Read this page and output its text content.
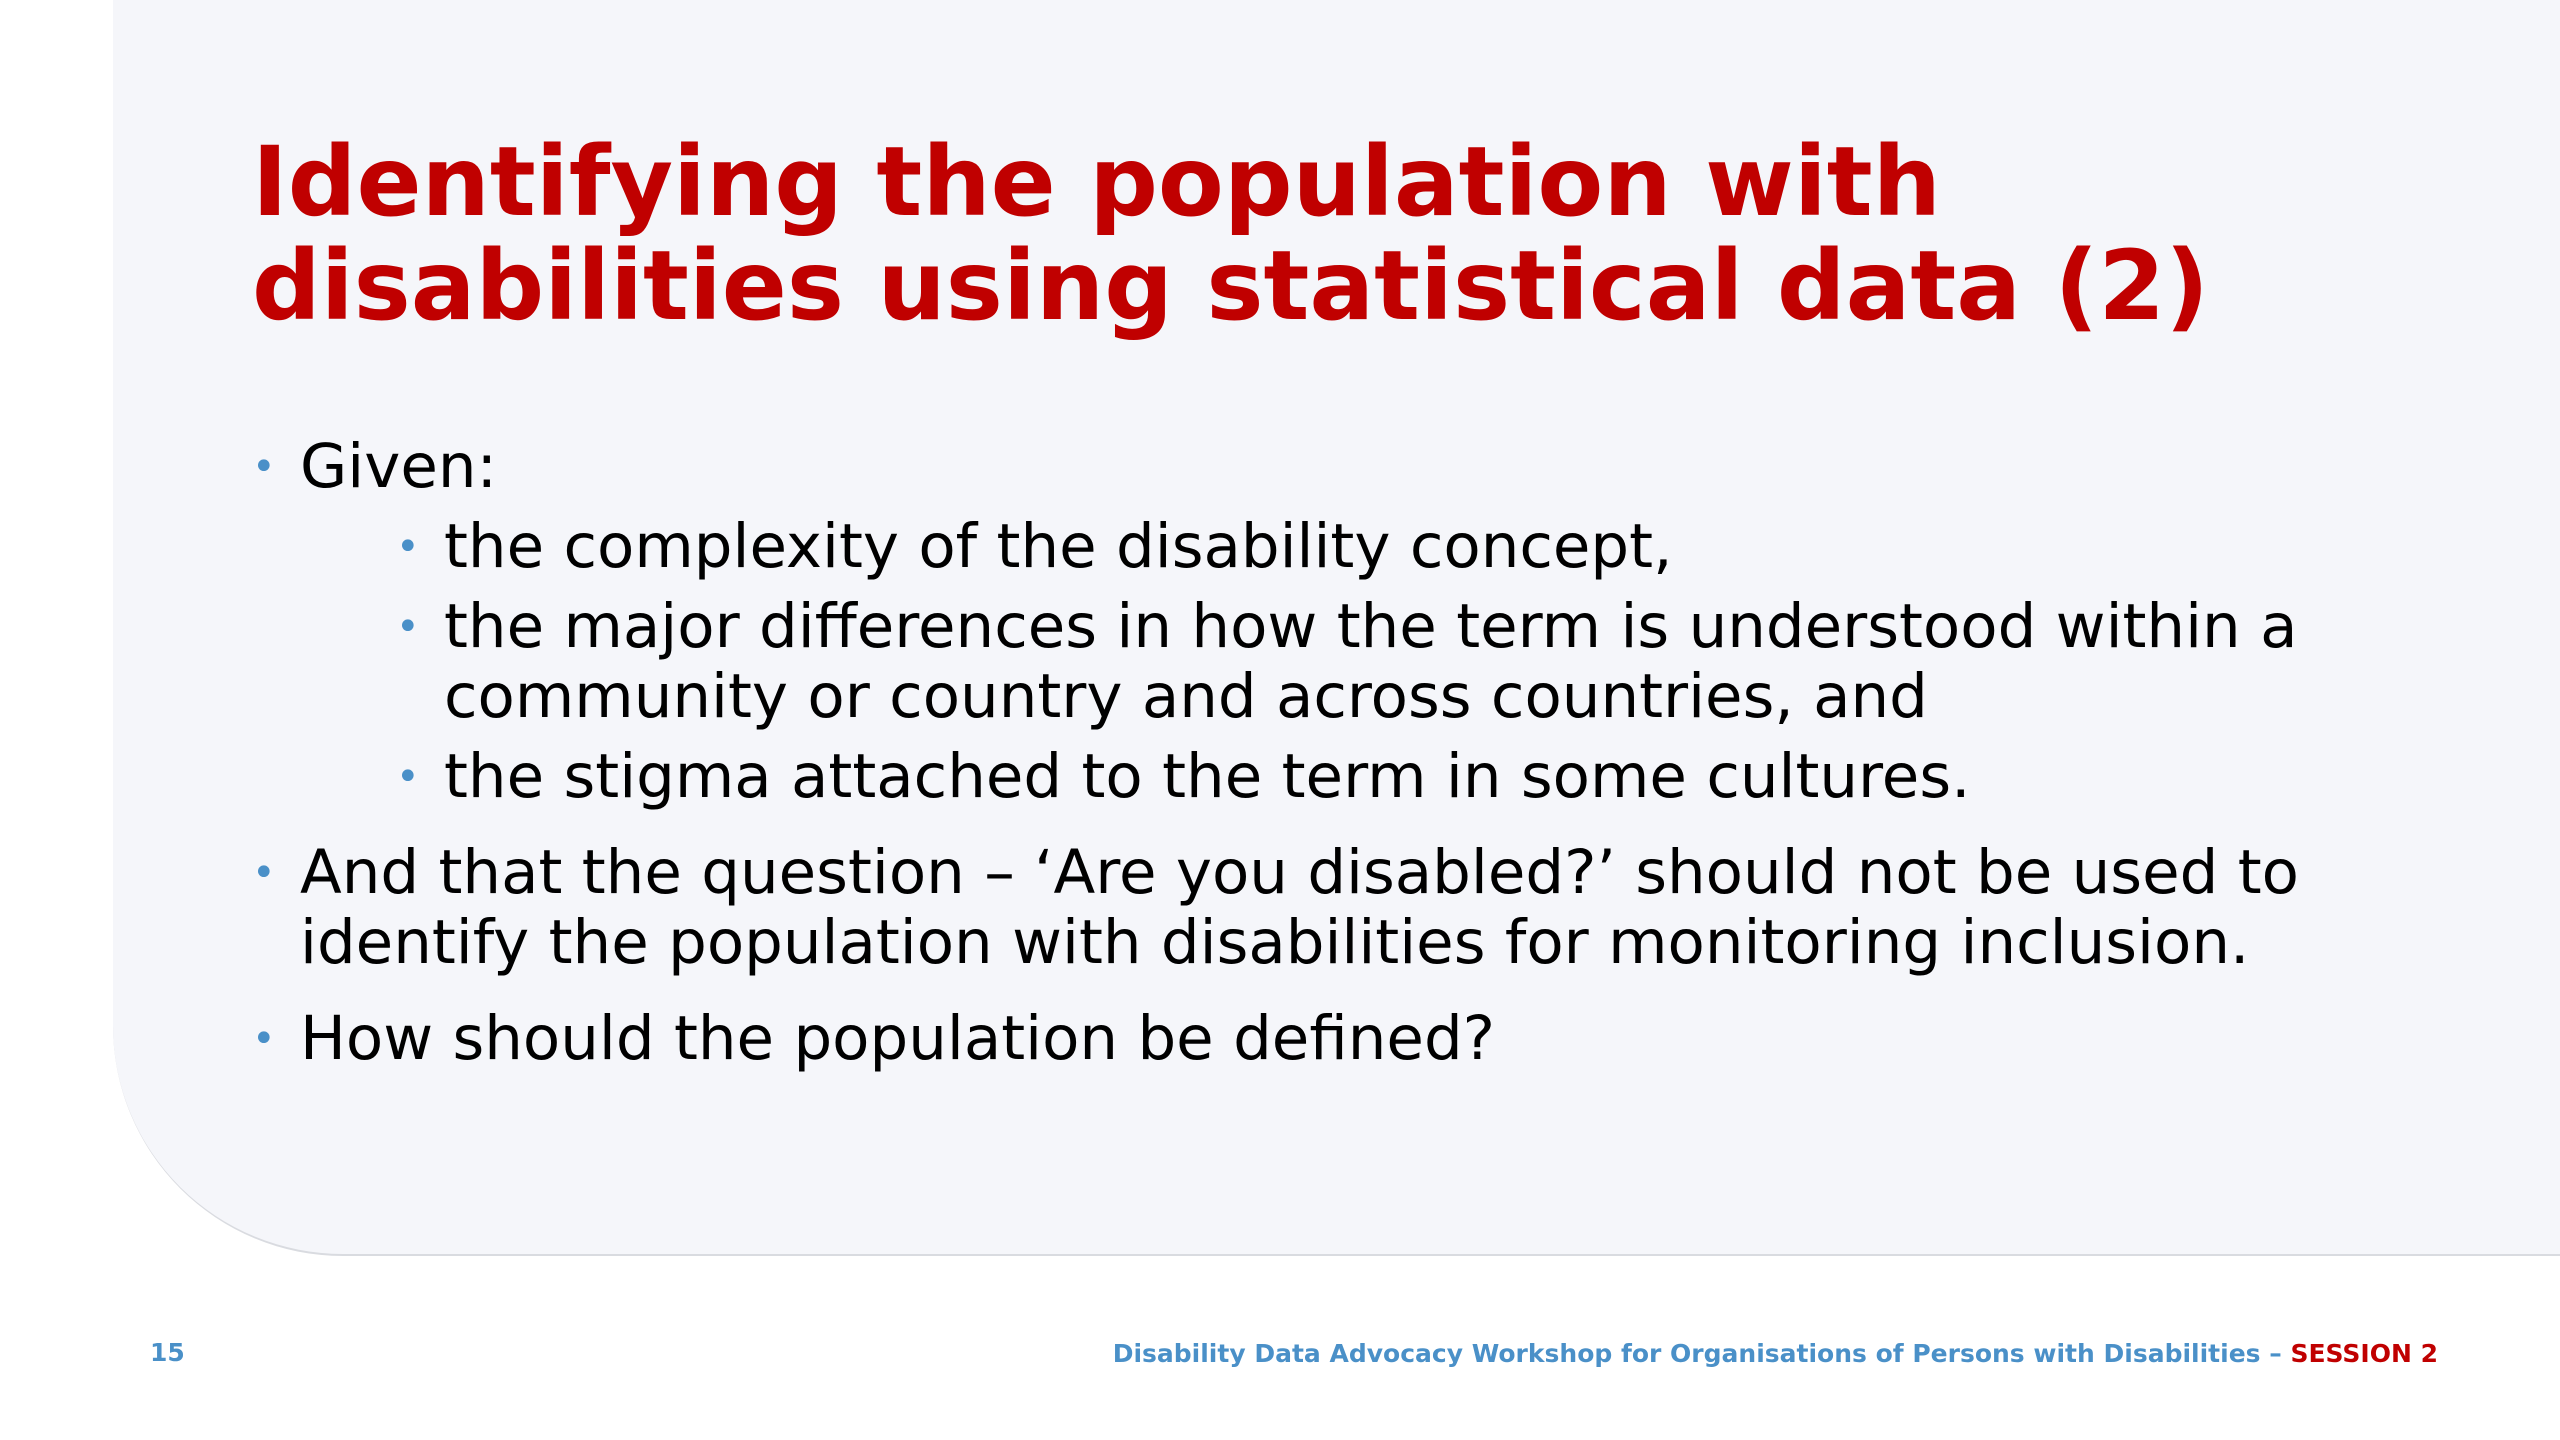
Identifying the population with
disabilities using statistical data (2)
• Given:
• the complexity of the disability concept,
• the major differences in how the term is understood within a community or country and across countries, and
• the stigma attached to the term in some cultures.
• And that the question – ‘Are you disabled?’ should not be used to identify the population with disabilities for monitoring inclusion.
• How should the population be defined?
15	Disability Data Advocacy Workshop for Organisations of Persons with Disabilities – SESSION 2
